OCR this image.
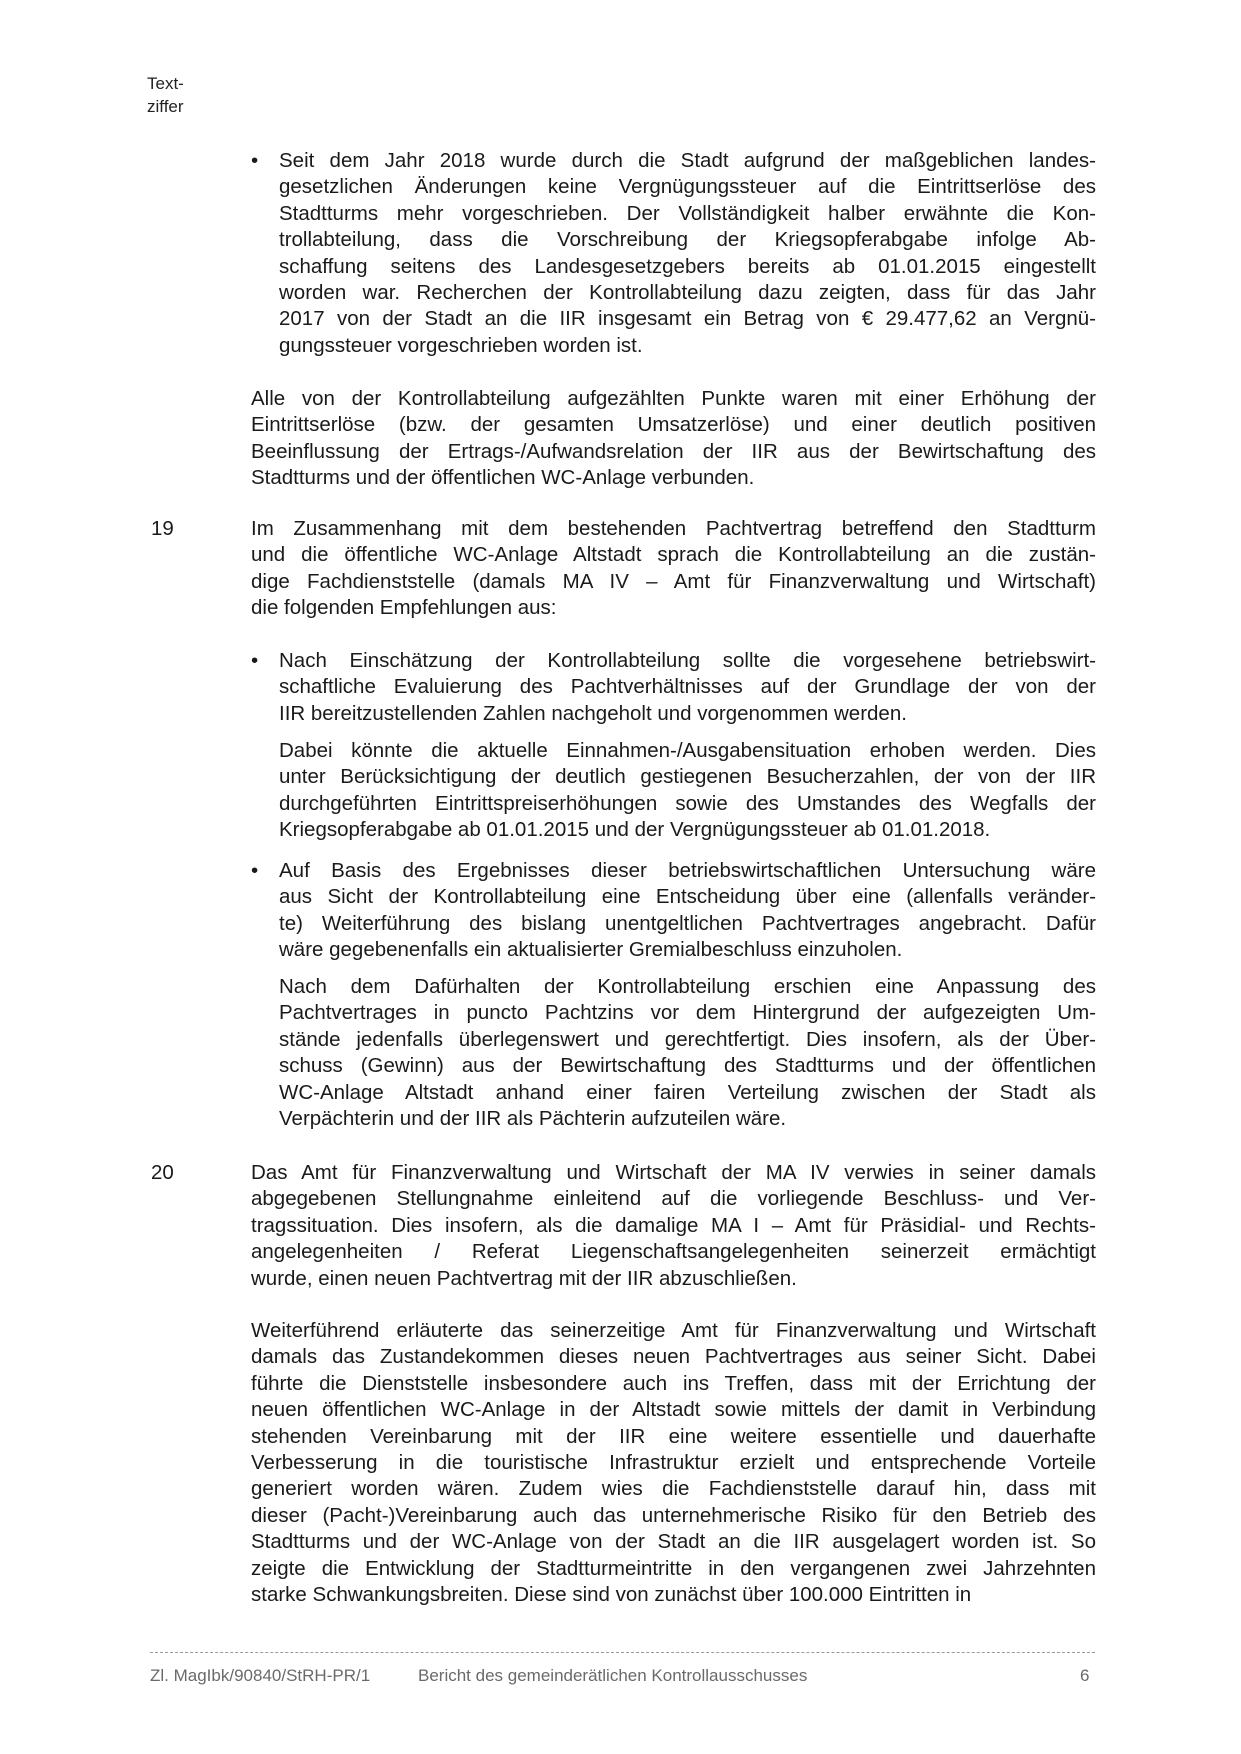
Text-
ziffer
• Seit dem Jahr 2018 wurde durch die Stadt aufgrund der maßgeblichen landes-
gesetzlichen Änderungen keine Vergnügungssteuer auf die Eintrittserlöse des
Stadtturms mehr vorgeschrieben. Der Vollständigkeit halber erwähnte die Kon-
trollabteilung, dass die Vorschreibung der Kriegsopferabgabe infolge Ab-
schaffung seitens des Landesgesetzgebers bereits ab 01.01.2015 eingestellt
worden war. Recherchen der Kontrollabteilung dazu zeigten, dass für das Jahr
2017 von der Stadt an die IIR insgesamt ein Betrag von € 29.477,62 an Vergnü-
gungssteuer vorgeschrieben worden ist.
Alle von der Kontrollabteilung aufgezählten Punkte waren mit einer Erhöhung der
Eintrittserlöse (bzw. der gesamten Umsatzerlöse) und einer deutlich positiven
Beeinflussung der Ertrags-/Aufwandsrelation der IIR aus der Bewirtschaftung des
Stadtturms und der öffentlichen WC-Anlage verbunden.
19	Im Zusammenhang mit dem bestehenden Pachtvertrag betreffend den Stadtturm
und die öffentliche WC-Anlage Altstadt sprach die Kontrollabteilung an die zustän-
dige Fachdienststelle (damals MA IV – Amt für Finanzverwaltung und Wirtschaft)
die folgenden Empfehlungen aus:
• Nach Einschätzung der Kontrollabteilung sollte die vorgesehene betriebswirt-
schaftliche Evaluierung des Pachtverhältnisses auf der Grundlage der von der
IIR bereitzustellenden Zahlen nachgeholt und vorgenommen werden.
Dabei könnte die aktuelle Einnahmen-/Ausgabensituation erhoben werden. Dies
unter Berücksichtigung der deutlich gestiegenen Besucherzahlen, der von der IIR
durchgeführten Eintrittspreiserhöhungen sowie des Umstandes des Wegfalls der
Kriegsopferabgabe ab 01.01.2015 und der Vergnügungssteuer ab 01.01.2018.
• Auf Basis des Ergebnisses dieser betriebswirtschaftlichen Untersuchung wäre
aus Sicht der Kontrollabteilung eine Entscheidung über eine (allenfalls veränder-
te) Weiterführung des bislang unentgeltlichen Pachtvertrages angebracht. Dafür
wäre gegebenenfalls ein aktualisierter Gremialbeschluss einzuholen.
Nach dem Dafürhalten der Kontrollabteilung erschien eine Anpassung des
Pachtvertrages in puncto Pachtzins vor dem Hintergrund der aufgezeigten Um-
stände jedenfalls überlegenswert und gerechtfertigt. Dies insofern, als der Über-
schuss (Gewinn) aus der Bewirtschaftung des Stadtturms und der öffentlichen
WC-Anlage Altstadt anhand einer fairen Verteilung zwischen der Stadt als
Verpächterin und der IIR als Pächterin aufzuteilen wäre.
20	Das Amt für Finanzverwaltung und Wirtschaft der MA IV verwies in seiner damals
abgegebenen Stellungnahme einleitend auf die vorliegende Beschluss- und Ver-
tragssituation. Dies insofern, als die damalige MA I – Amt für Präsidial- und Rechts-
angelegenheiten / Referat Liegenschaftsangelegenheiten seinerzeit ermächtigt
wurde, einen neuen Pachtvertrag mit der IIR abzuschließen.
Weiterführend erläuterte das seinerzeitige Amt für Finanzverwaltung und Wirtschaft
damals das Zustandekommen dieses neuen Pachtvertrages aus seiner Sicht. Dabei
führte die Dienststelle insbesondere auch ins Treffen, dass mit der Errichtung der
neuen öffentlichen WC-Anlage in der Altstadt sowie mittels der damit in Verbindung
stehenden Vereinbarung mit der IIR eine weitere essentielle und dauerhafte
Verbesserung in die touristische Infrastruktur erzielt und entsprechende Vorteile
generiert worden wären. Zudem wies die Fachdienststelle darauf hin, dass mit
dieser (Pacht-)Vereinbarung auch das unternehmerische Risiko für den Betrieb des
Stadtturms und der WC-Anlage von der Stadt an die IIR ausgelagert worden ist. So
zeigte die Entwicklung der Stadtturmeintritte in den vergangenen zwei Jahrzehnten
starke Schwankungsbreiten. Diese sind von zunächst über 100.000 Eintritten in
Zl. MagIbk/90840/StRH-PR/1	Bericht des gemeinderätlichen Kontrollausschusses	6
